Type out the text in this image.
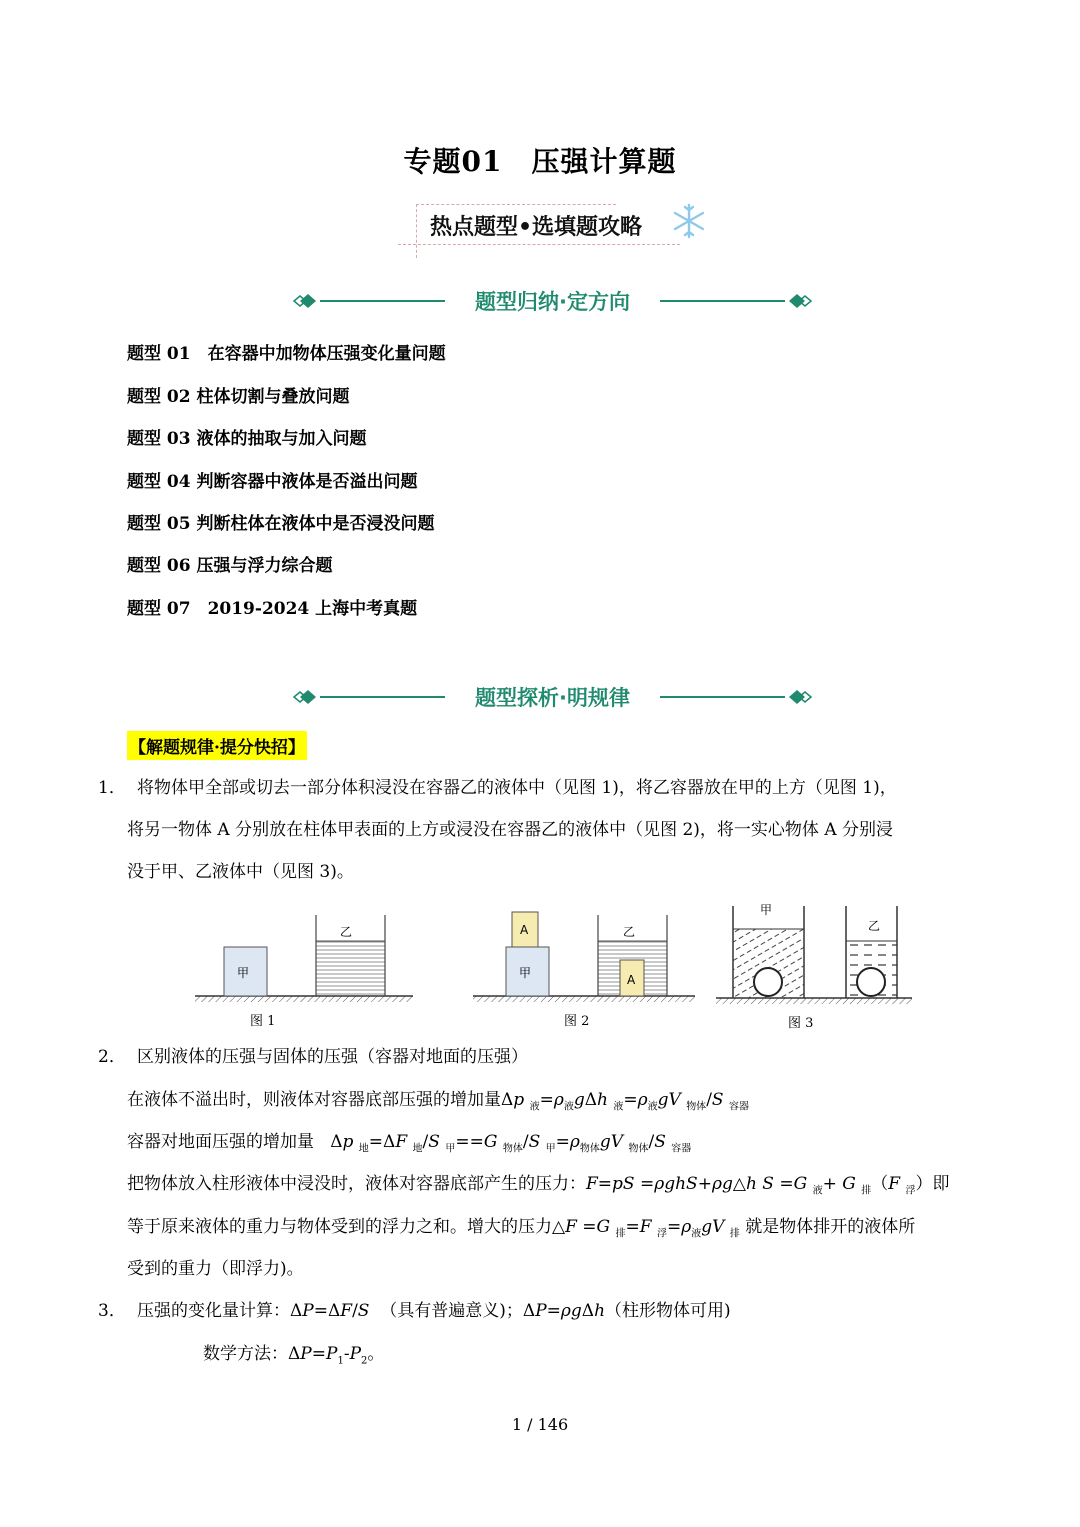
专题01　压强计算题
热点题型•选填题攻略
题型归纳·定方向
题型 01　在容器中加物体压强变化量问题
题型 02 柱体切割与叠放问题
题型 03 液体的抽取与加入问题
题型 04 判断容器中液体是否溢出问题
题型 05 判断柱体在液体中是否浸没问题
题型 06 压强与浮力综合题
题型 07　2019-2024 上海中考真题
题型探析·明规律
【解题规律·提分快招】
1． 将物体甲全部或切去一部分体积浸没在容器乙的液体中（见图 1)，将乙容器放在甲的上方（见图 1)，
将另一物体 A 分别放在柱体甲表面的上方或浸没在容器乙的液体中（见图 2)，将一实心物体 A 分别浸
没于甲、乙液体中（见图 3)。
甲
乙
图 1
甲
A	乙
A
图 2
甲
乙
图 3
2． 区别液体的压强与固体的压强（容器对地面的压强）
在液体不溢出时，则液体对容器底部压强的增加量Δp $_液=\rho_液g\Delta h$ $_液=\rho_液gV$ $_{物体}$/S $_{容器}$
容器对地面压强的增加量   Δp $_地$=ΔF $_地$/S $_甲$==G $_{物体}$/S $_甲=\rho_{物体}gV$ $_{物体}$/S $_{容器}$
把物体放入柱形液体中浸没时，液体对容器底部产生的压力：F=pS =ρghS+ρg△h S =G $_液$+ G $_排$（F $_浮$）即
等于原来液体的重力与物体受到的浮力之和。增大的压力△F =G $_排$=F $_浮=\rho_液gV$ $_排$ 就是物体排开的液体所
受到的重力（即浮力)。
3． 压强的变化量计算：ΔP=ΔF/S （具有普遍意义)；ΔP=ρgΔh（柱形物体可用)
数学方法：$\Delta P=P_1-P_2$。
1 / 146
